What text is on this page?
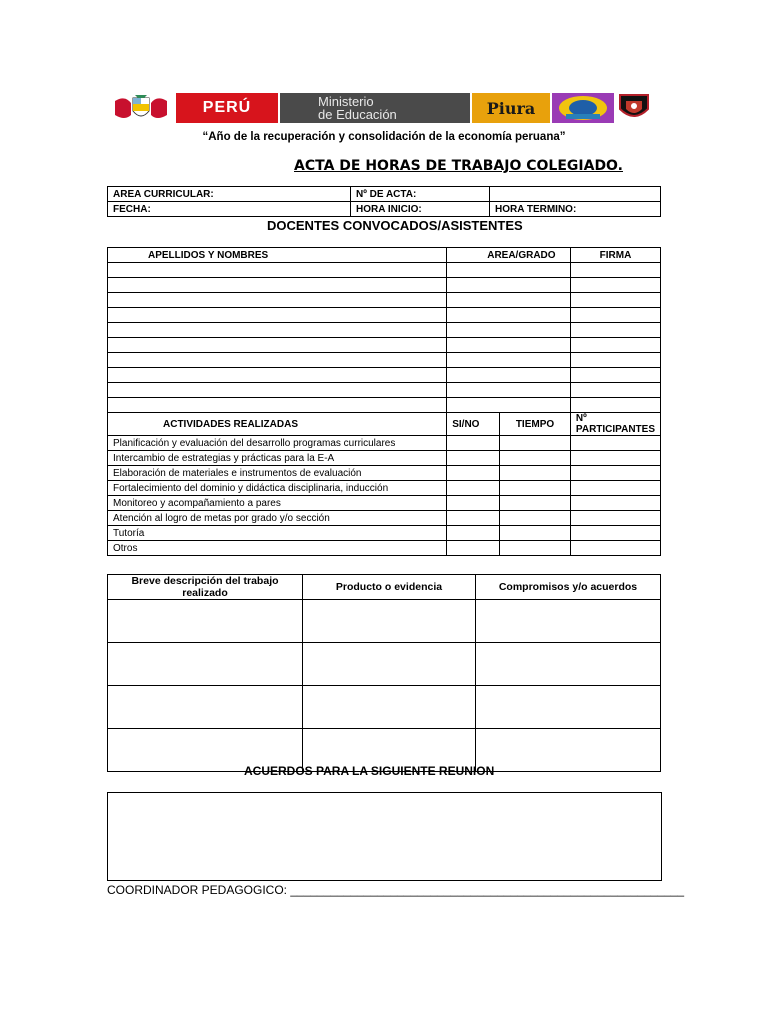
PERÚ	Ministerio
de Educación	Piura
“Año de la recuperación y consolidación de la economía peruana”
ACTA DE HORAS DE TRABAJO COLEGIADO.
AREA CURRICULAR:	Nº DE ACTA:	
FECHA:	HORA INICIO:	HORA TERMINO:
DOCENTES CONVOCADOS/ASISTENTES
APELLIDOS Y NOMBRES	AREA/GRADO		FIRMA

ACTIVIDADES REALIZADAS	SI/NO	TIEMPO	Nº PARTICIPANTES
Planificación y evaluación del desarrollo programas curriculares			
Intercambio de estrategias y prácticas para la E-A			
Elaboración de materiales e instrumentos de evaluación			
Fortalecimiento del dominio y didáctica disciplinaria, inducción			
Monitoreo y acompañamiento a pares			
Atención al logro de metas por grado y/o sección			
Tutoría			
Otros			
Breve descripción del trabajo realizado	Producto o evidencia	Compromisos y/o acuerdos

ACUERDOS PARA LA SIGUIENTE REUNION
COORDINADOR PEDAGOGICO: ___________________________________________________________
